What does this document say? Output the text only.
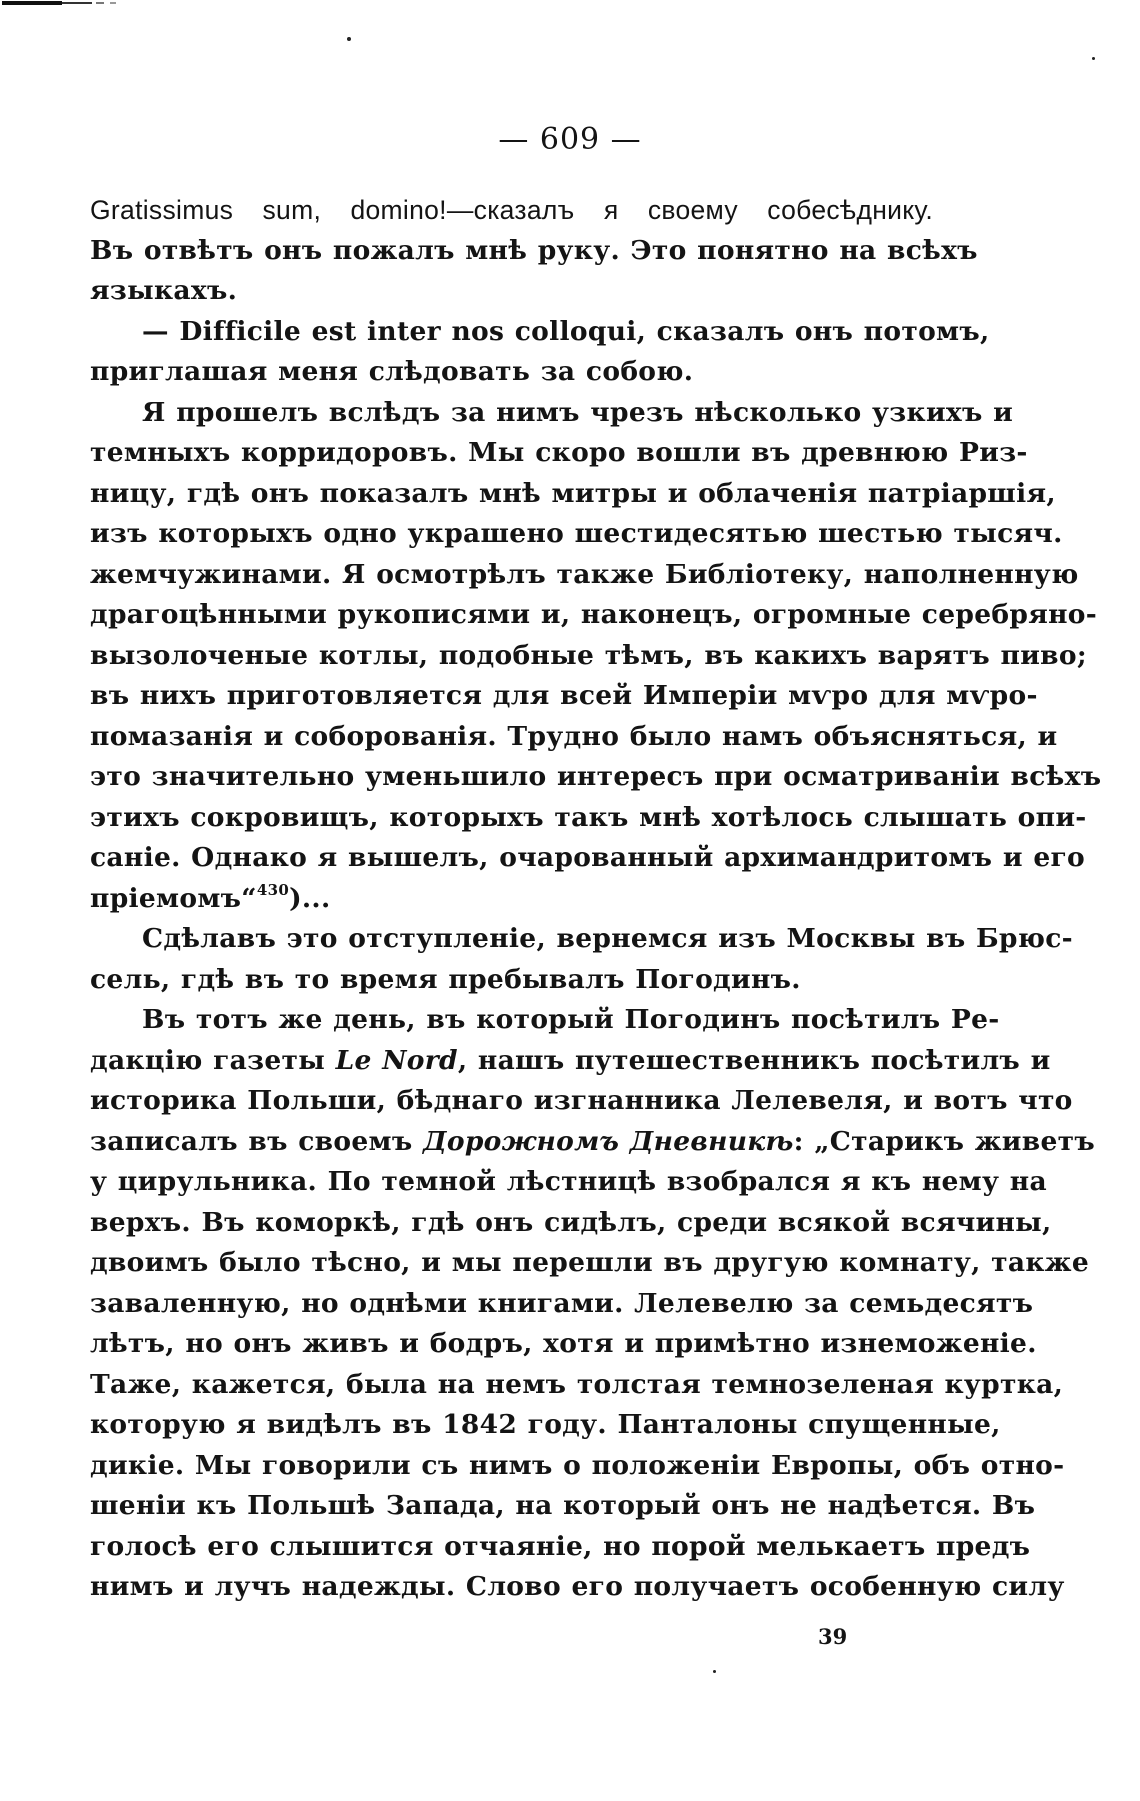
— 609 —
Gratissimus sum, domino!—сказалъ я своему собесѣднику.
Въ отвѣтъ онъ пожалъ мнѣ руку. Это понятно на всѣхъ
языкахъ.
— Difficile est inter nos colloqui, сказалъ онъ потомъ,
приглашая меня слѣдовать за собою.
Я прошелъ вслѣдъ за нимъ чрезъ нѣсколько узкихъ и
темныхъ корридоровъ. Мы скоро вошли въ древнюю Риз-
ницу, гдѣ онъ показалъ мнѣ митры и облаченія патріаршія,
изъ которыхъ одно украшено шестидесятью шестью тысяч.
жемчужинами. Я осмотрѣлъ также Библіотеку, наполненную
драгоцѣнными рукописями и, наконецъ, огромные серебряно-
вызолоченые котлы, подобные тѣмъ, въ какихъ варятъ пиво;
въ нихъ приготовляется для всей Имперіи мѵро для мѵро-
помазанія и соборованія. Трудно было намъ объясняться, и
это значительно уменьшило интересъ при осматриваніи всѣхъ
этихъ сокровищъ, которыхъ такъ мнѣ хотѣлось слышать опи-
саніе. Однако я вышелъ, очарованный архимандритомъ и его
пріемомъ“$^{430}$)...
Сдѣлавъ это отступленіе, вернемся изъ Москвы въ Брюс-
сель, гдѣ въ то время пребывалъ Погодинъ.
Въ тотъ же день, въ который Погодинъ посѣтилъ Ре-
дакцію газеты Le Nord, нашъ путешественникъ посѣтилъ и
историка Польши, бѣднаго изгнанника Лелевеля, и вотъ что
записалъ въ своемъ Дорожномъ Дневникѣ: „Старикъ живетъ
у цирульника. По темной лѣстницѣ взобрался я къ нему на
верхъ. Въ коморкѣ, гдѣ онъ сидѣлъ, среди всякой всячины,
двоимъ было тѣсно, и мы перешли въ другую комнату, также
заваленную, но однѣми книгами. Лелевелю за семьдесятъ
лѣтъ, но онъ живъ и бодръ, хотя и примѣтно изнеможеніе.
Таже, кажется, была на немъ толстая темнозеленая куртка,
которую я видѣлъ въ 1842 году. Панталоны спущенные,
дикіе. Мы говорили съ нимъ о положеніи Европы, объ отно-
шеніи къ Польшѣ Запада, на который онъ не надѣется. Въ
голосѣ его слышится отчаяніе, но порой мелькаетъ предъ
нимъ и лучъ надежды. Слово его получаетъ особенную силу
39
